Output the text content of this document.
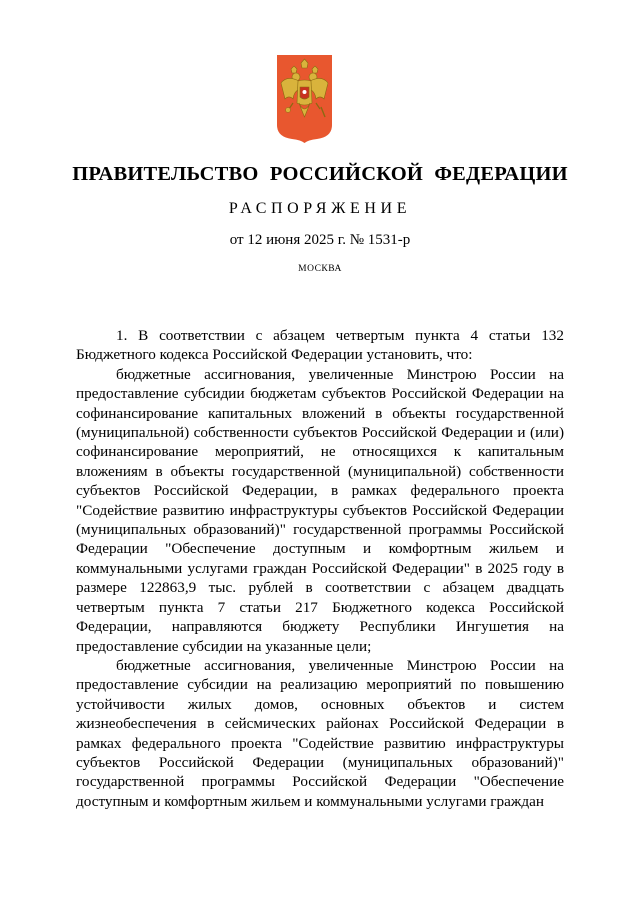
ПРАВИТЕЛЬСТВО РОССИЙСКОЙ ФЕДЕРАЦИИ
РАСПОРЯЖЕНИЕ
от 12 июня 2025 г. № 1531-р
МОСКВА

1. В соответствии с абзацем четвертым пункта 4 статьи 132 Бюджетного кодекса Российской Федерации установить, что:

бюджетные ассигнования, увеличенные Минстрою России на предоставление субсидии бюджетам субъектов Российской Федерации на софинансирование капитальных вложений в объекты государственной (муниципальной) собственности субъектов Российской Федерации и (или) софинансирование мероприятий, не относящихся к капитальным вложениям в объекты государственной (муниципальной) собственности субъектов Российской Федерации, в рамках федерального проекта "Содействие развитию инфраструктуры субъектов Российской Федерации (муниципальных образований)" государственной программы Российской Федерации "Обеспечение доступным и комфортным жильем и коммунальными услугами граждан Российской Федерации" в 2025 году в размере 122863,9 тыс. рублей в соответствии с абзацем двадцать четвертым пункта 7 статьи 217 Бюджетного кодекса Российской Федерации, направляются бюджету Республики Ингушетия на предоставление субсидии на указанные цели;

бюджетные ассигнования, увеличенные Минстрою России на предоставление субсидии на реализацию мероприятий по повышению устойчивости жилых домов, основных объектов и систем жизнеобеспечения в сейсмических районах Российской Федерации в рамках федерального проекта "Содействие развитию инфраструктуры субъектов Российской Федерации (муниципальных образований)" государственной программы Российской Федерации "Обеспечение доступным и комфортным жильем и коммунальными услугами граждан
